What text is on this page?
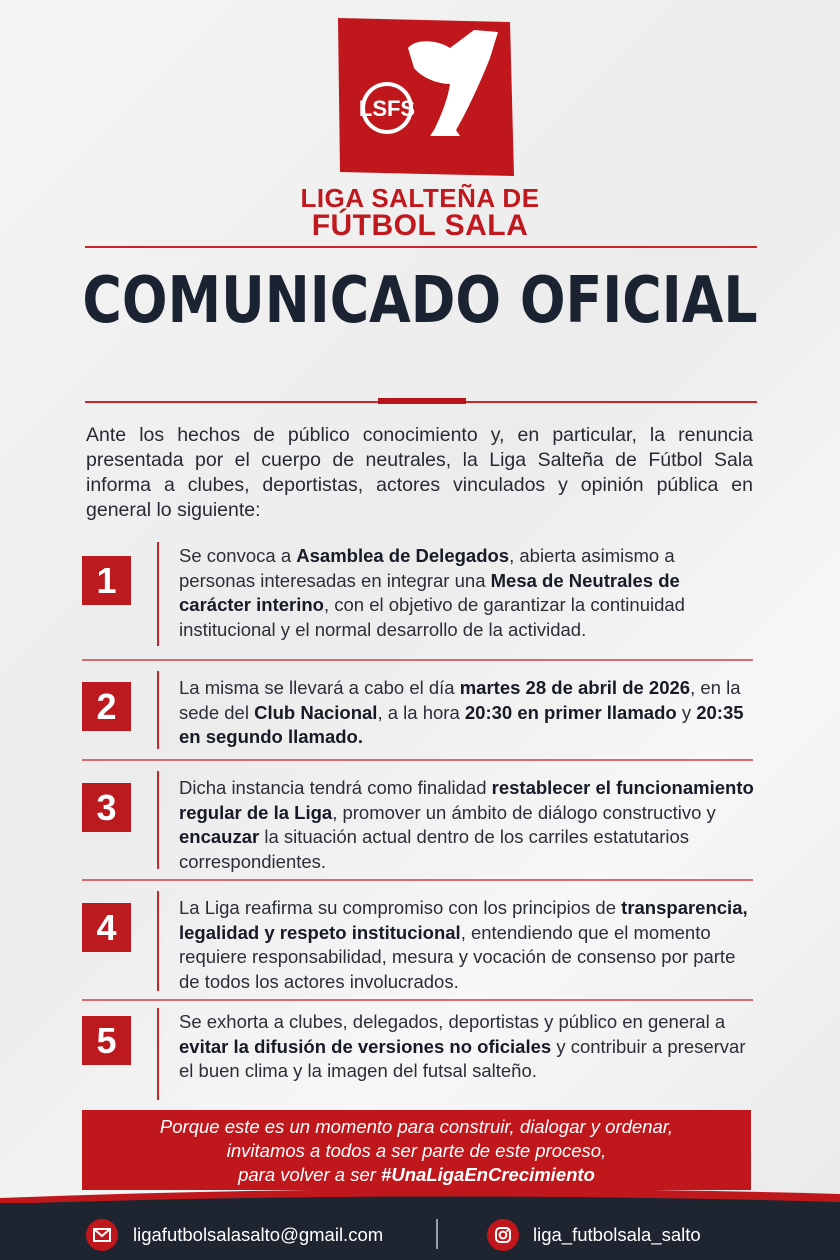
LSFS
LIGA SALTEÑA DE
FÚTBOL SALA
COMUNICADO OFICIAL
Ante los hechos de público conocimiento y, en particular, la renuncia presentada por el cuerpo de neutrales, la Liga Salteña de Fútbol Sala informa a clubes, deportistas, actores vinculados y opinión pública en general lo siguiente:
1
Se convoca a Asamblea de Delegados, abierta asimismo a personas interesadas en integrar una Mesa de Neutrales de carácter interino, con el objetivo de garantizar la continuidad institucional y el normal desarrollo de la actividad.
2	La misma se llevará a cabo el día martes 28 de abril de 2026, en la sede del Club Nacional, a la hora 20:30 en primer llamado y 20:35 en segundo llamado.
3	Dicha instancia tendrá como finalidad restablecer el funcionamiento regular de la Liga, promover un ámbito de diálogo constructivo y encauzar la situación actual dentro de los carriles estatutarios correspondientes.
4	La Liga reafirma su compromiso con los principios de transparencia, legalidad y respeto institucional, entendiendo que el momento requiere responsabilidad, mesura y vocación de consenso por parte de todos los actores involucrados.
5	Se exhorta a clubes, delegados, deportistas y público en general a evitar la difusión de versiones no oficiales y contribuir a preservar el buen clima y la imagen del futsal salteño.
Porque este es un momento para construir, dialogar y ordenar,
invitamos a todos a ser parte de este proceso,
para volver a ser #UnaLigaEnCrecimiento
ligafutbolsalasalto@gmail.com	liga_futbolsala_salto
